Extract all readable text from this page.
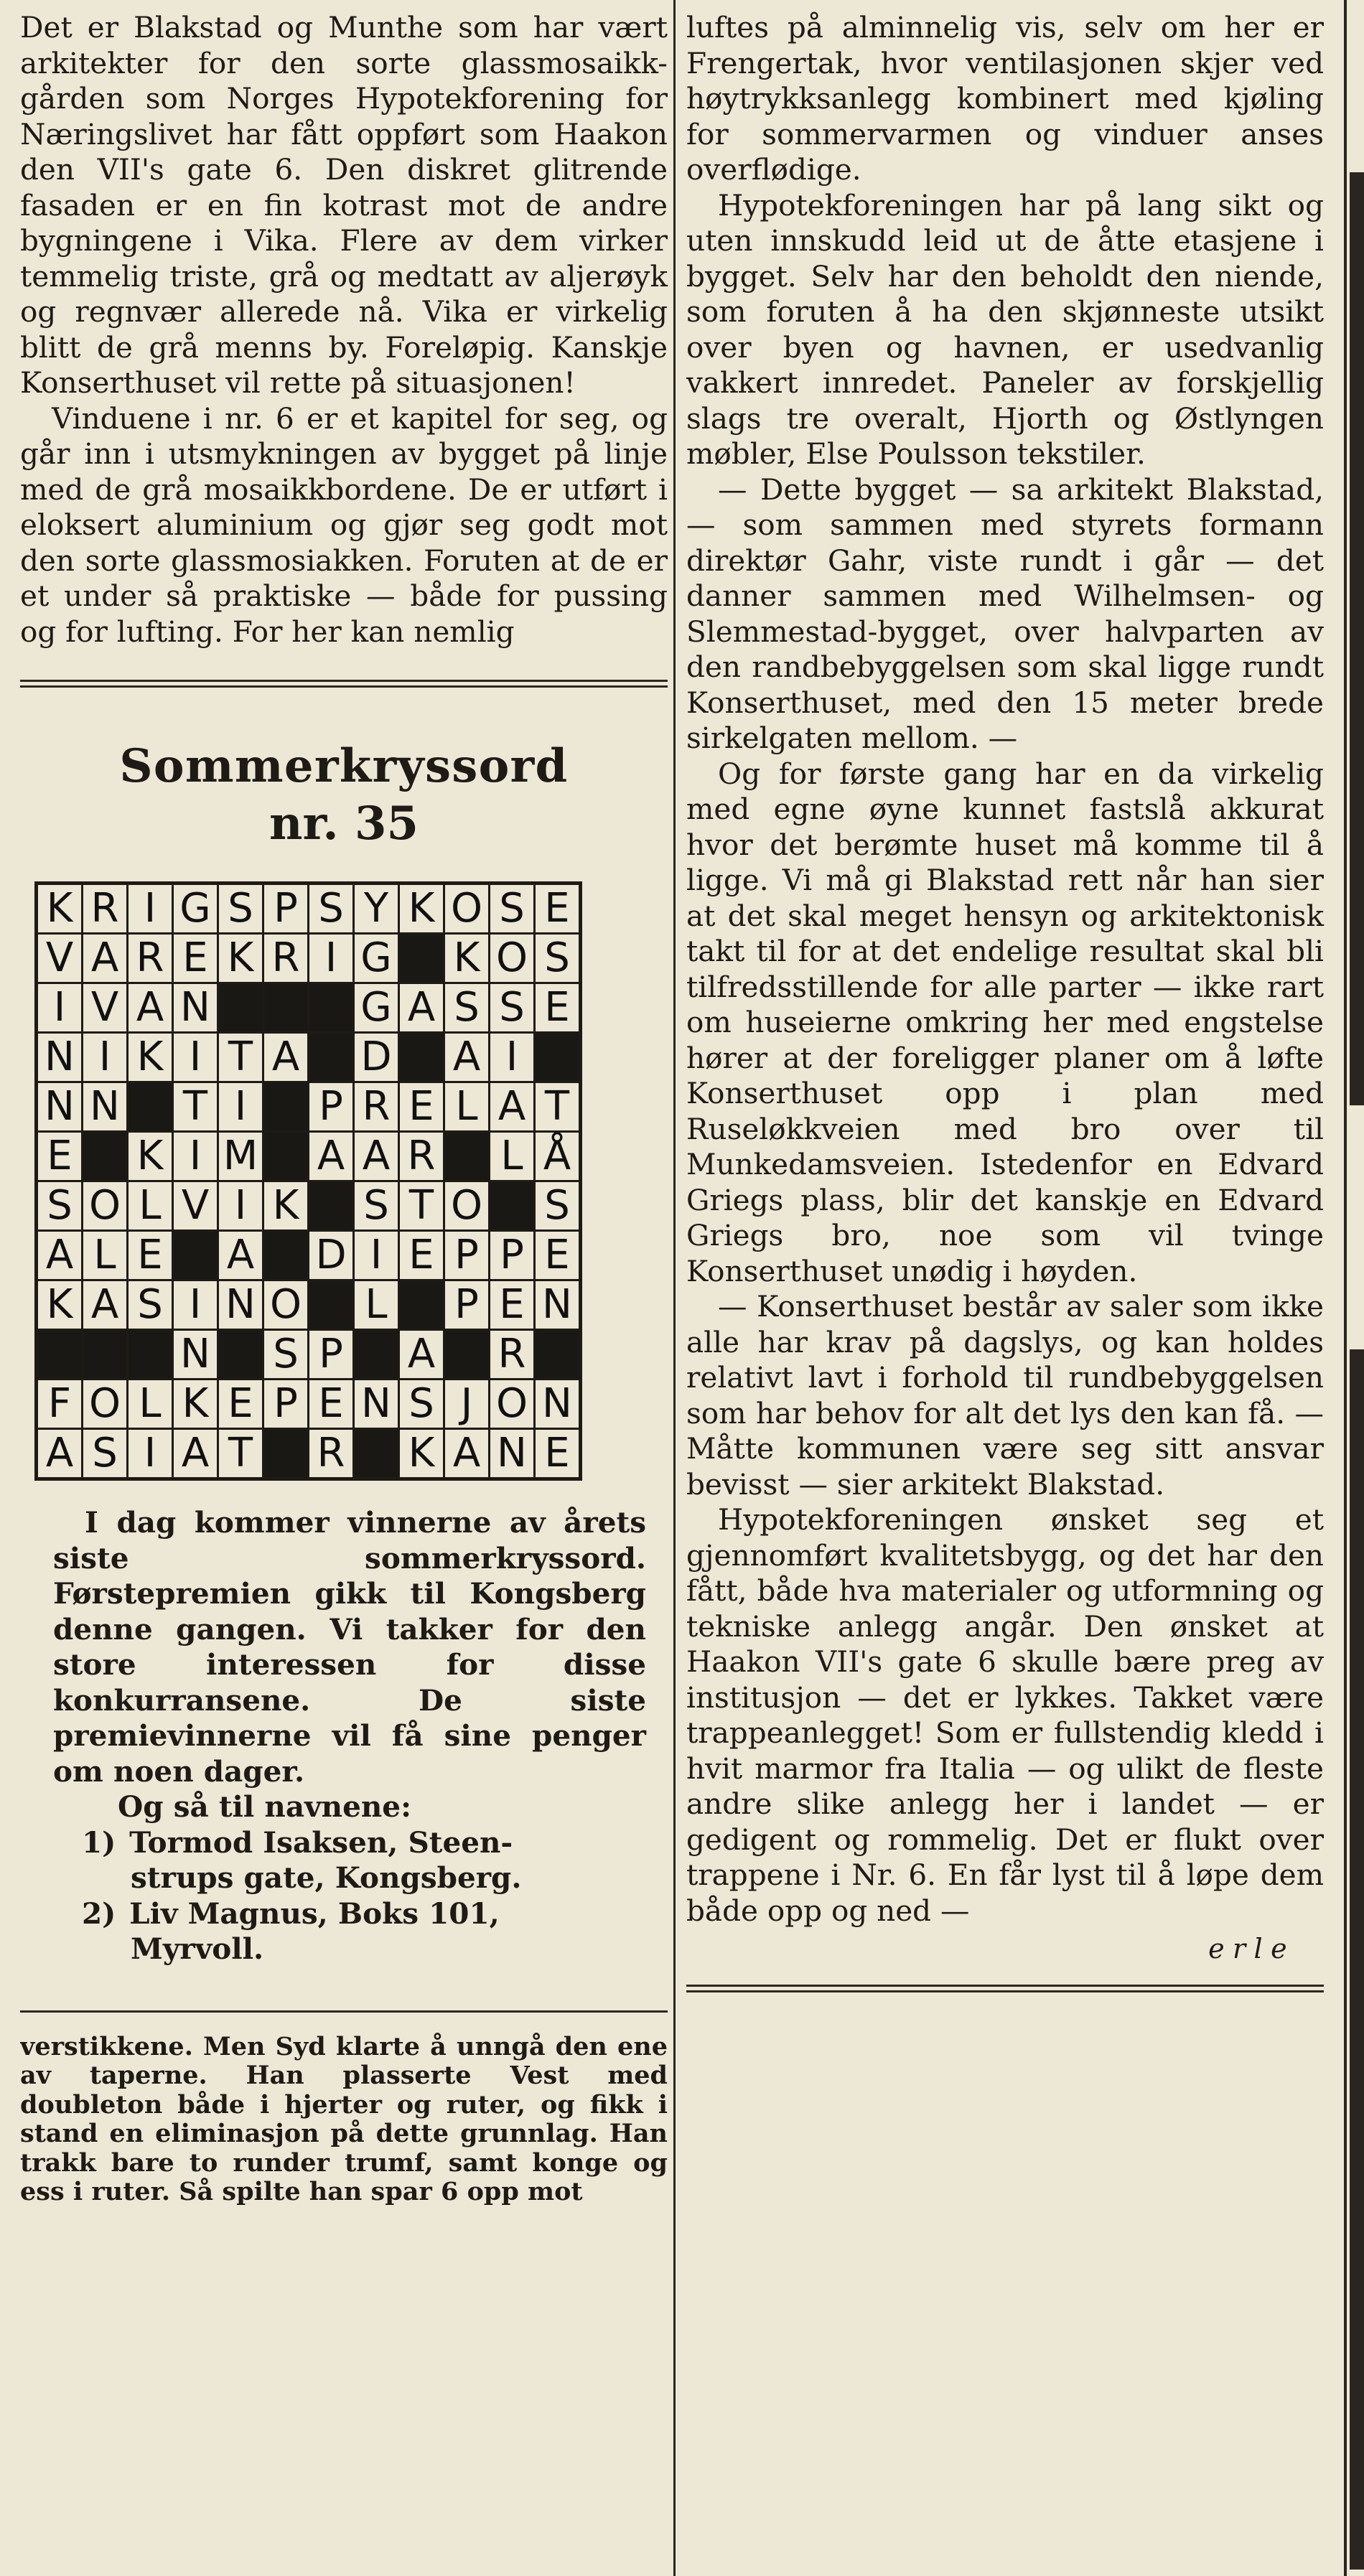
Det er Blakstad og Munthe som har vært arkitekter for den sorte glassmosaikk-gården som Norges Hypotekforening for Næringslivet har fått oppført som Haakon den VII's gate 6. Den diskret glitrende fasaden er en fin kotrast mot de andre bygningene i Vika. Flere av dem virker temmelig triste, grå og medtatt av aljerøyk og regnvær allerede nå. Vika er virkelig blitt de grå menns by. Foreløpig. Kanskje Konserthuset vil rette på situasjonen!

Vinduene i nr. 6 er et kapitel for seg, og går inn i utsmykningen av bygget på linje med de grå mosaikkbordene. De er utført i eloksert aluminium og gjør seg godt mot den sorte glassmosiakken. Foruten at de er et under så praktiske — både for pussing og for lufting. For her kan nemlig

Sommerkryssord
nr. 35
K	R	I	G	S	P	S	Y	K	O	S	E
V	A	R	E	K	R	I	G		K	O	S
I	V	A	N				G	A	S	S	E
N	I	K	I	T	A		D		A	I	
N	N		T	I		P	R	E	L	A	T
E		K	I	M		A	A	R		L	Å
S	O	L	V	I	K		S	T	O		S
A	L	E		A		D	I	E	P	P	E
K	A	S	I	N	O		L		P	E	N
			N		S	P		A		R	
F	O	L	K	E	P	E	N	S	J	O	N
A	S	I	A	T		R		K	A	N	E

I dag kommer vinnerne av årets siste sommerkryssord. Førstepremien gikk til Kongsberg denne gangen. Vi takker for den store interessen for disse konkurransene. De siste premievinnerne vil få sine penger om noen dager.

Og så til navnene:

1) Tormod Isaksen, Steen-
strups gate, Kongsberg.
2) Liv Magnus, Boks 101,
Myrvoll.

verstikkene. Men Syd klarte å unngå den ene av taperne. Han plasserte Vest med doubleton både i hjerter og ruter, og fikk i stand en eliminasjon på dette grunnlag. Han trakk bare to runder trumf, samt konge og ess i ruter. Så spilte han spar 6 opp mot

luftes på alminnelig vis, selv om her er Frengertak, hvor ventilasjonen skjer ved høytrykksanlegg kombinert med kjøling for sommervarmen og vinduer anses overflødige.

Hypotekforeningen har på lang sikt og uten innskudd leid ut de åtte etasjene i bygget. Selv har den beholdt den niende, som foruten å ha den skjønneste utsikt over byen og havnen, er usedvanlig vakkert innredet. Paneler av forskjellig slags tre overalt, Hjorth og Østlyngen møbler, Else Poulsson tekstiler.

— Dette bygget — sa arkitekt Blakstad, — som sammen med styrets formann direktør Gahr, viste rundt i går — det danner sammen med Wilhelmsen- og Slemmestad-bygget, over halvparten av den randbebyggelsen som skal ligge rundt Konserthuset, med den 15 meter brede sirkelgaten mellom. —

Og for første gang har en da virkelig med egne øyne kunnet fastslå akkurat hvor det berømte huset må komme til å ligge. Vi må gi Blakstad rett når han sier at det skal meget hensyn og arkitektonisk takt til for at det endelige resultat skal bli tilfredsstillende for alle parter — ikke rart om huseierne omkring her med engstelse hører at der foreligger planer om å løfte Konserthuset opp i plan med Ruseløkkveien med bro over til Munkedamsveien. Istedenfor en Edvard Griegs plass, blir det kanskje en Edvard Griegs bro, noe som vil tvinge Konserthuset unødig i høyden.

— Konserthuset består av saler som ikke alle har krav på dagslys, og kan holdes relativt lavt i forhold til rundbebyggelsen som har behov for alt det lys den kan få. — Måtte kommunen være seg sitt ansvar bevisst — sier arkitekt Blakstad.

Hypotekforeningen ønsket seg et gjennomført kvalitetsbygg, og det har den fått, både hva materialer og utformning og tekniske anlegg angår. Den ønsket at Haakon VII's gate 6 skulle bære preg av institusjon — det er lykkes. Takket være trappeanlegget! Som er fullstendig kledd i hvit marmor fra Italia — og ulikt de fleste andre slike anlegg her i landet — er gedigent og rommelig. Det er flukt over trappene i Nr. 6. En får lyst til å løpe dem både opp og ned —

erle
